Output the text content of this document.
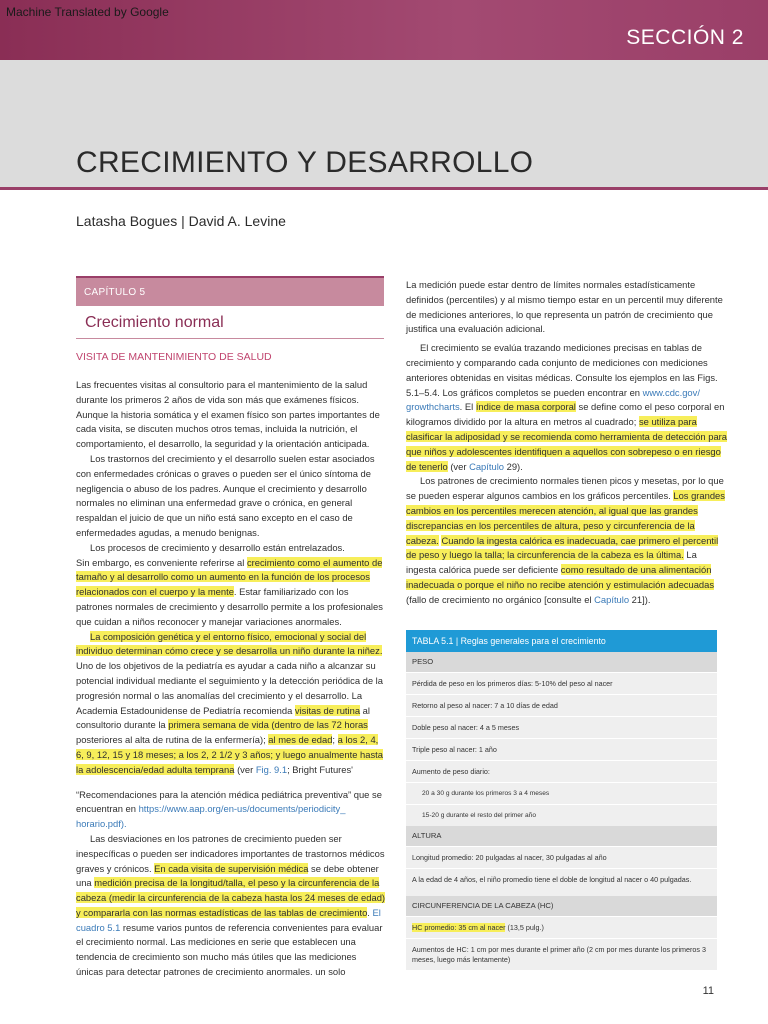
Machine Translated by Google
SECCIÓN 2
CRECIMIENTO Y DESARROLLO
Latasha Bogues | David A. Levine
CAPÍTULO 5
Crecimiento normal
VISITA DE MANTENIMIENTO DE SALUD

Las frecuentes visitas al consultorio para el mantenimiento de la salud durante los primeros 2 años de vida son más que exámenes físicos. Aunque la historia somática y el examen físico son partes importantes de cada visita, se discuten muchos otros temas, incluida la nutrición, el comportamiento, el desarrollo, la seguridad y la orientación anticipada.

Los trastornos del crecimiento y el desarrollo suelen estar asociados con enfermedades crónicas o graves o pueden ser el único síntoma de negligencia o abuso de los padres. Aunque el crecimiento y desarrollo normales no eliminan una enfermedad grave o crónica, en general respaldan el juicio de que un niño está sano excepto en el caso de enfermedades agudas, a menudo benignas.

Los procesos de crecimiento y desarrollo están entrelazados.

Sin embargo, es conveniente referirse al crecimiento como el aumento de tamaño y al desarrollo como un aumento en la función de los procesos relacionados con el cuerpo y la mente. Estar familiarizado con los patrones normales de crecimiento y desarrollo permite a los profesionales que cuidan a niños reconocer y manejar variaciones anormales.

La composición genética y el entorno físico, emocional y social del individuo determinan cómo crece y se desarrolla un niño durante la niñez.

Uno de los objetivos de la pediatría es ayudar a cada niño a alcanzar su potencial individual mediante el seguimiento y la detección periódica de la progresión normal o las anomalías del crecimiento y el desarrollo. La Academia Estadounidense de Pediatría recomienda visitas de rutina al consultorio durante la primera semana de vida (dentro de las 72 horas posteriores al alta de rutina de la enfermería); al mes de edad; a los 2, 4, 6, 9, 12, 15 y 18 meses; a los 2, 2 1/2 y 3 años; y luego anualmente hasta la adolescencia/edad adulta temprana (ver Fig. 9.1; Bright Futures'

“Recomendaciones para la atención médica pediátrica preventiva” que se encuentran en https://www.aap.org/en-us/documents/periodicity_ horario.pdf).

Las desviaciones en los patrones de crecimiento pueden ser inespecíficas o pueden ser indicadores importantes de trastornos médicos graves y crónicos. En cada visita de supervisión médica se debe obtener una medición precisa de la longitud/talla, el peso y la circunferencia de la cabeza (medir la circunferencia de la cabeza hasta los 24 meses de edad) y compararla con las normas estadísticas de las tablas de crecimiento. El cuadro 5.1 resume varios puntos de referencia convenientes para evaluar el crecimiento normal. Las mediciones en serie que establecen una tendencia de crecimiento son mucho más útiles que las mediciones únicas para detectar patrones de crecimiento anormales. un solo

La medición puede estar dentro de límites normales estadísticamente definidos (percentiles) y al mismo tiempo estar en un percentil muy diferente de mediciones anteriores, lo que representa un patrón de crecimiento que justifica una evaluación adicional.

El crecimiento se evalúa trazando mediciones precisas en tablas de crecimiento y comparando cada conjunto de mediciones con mediciones anteriores obtenidas en visitas médicas. Consulte los ejemplos en las Figs. 5.1–5.4. Los gráficos completos se pueden encontrar en www.cdc.gov/ growthcharts. El índice de masa corporal se define como el peso corporal en kilogramos dividido por la altura en metros al cuadrado; se utiliza para clasificar la adiposidad y se recomienda como herramienta de detección para que niños y adolescentes identifiquen a aquellos con sobrepeso o en riesgo de tenerlo (ver Capítulo 29).

Los patrones de crecimiento normales tienen picos y mesetas, por lo que se pueden esperar algunos cambios en los gráficos percentiles. Los grandes cambios en los percentiles merecen atención, al igual que las grandes discrepancias en los percentiles de altura, peso y circunferencia de la cabeza. Cuando la ingesta calórica es inadecuada, cae primero el percentil de peso y luego la talla; la circunferencia de la cabeza es la última. La ingesta calórica puede ser deficiente como resultado de una alimentación inadecuada o porque el niño no recibe atención y estimulación adecuadas (fallo de crecimiento no orgánico [consulte el Capítulo 21]).

TABLA 5.1 | Reglas generales para el crecimiento
PESO
Pérdida de peso en los primeros días: 5-10% del peso al nacer
Retorno al peso al nacer: 7 a 10 días de edad
Doble peso al nacer: 4 a 5 meses
Triple peso al nacer: 1 año
Aumento de peso diario:
20 a 30 g durante los primeros 3 a 4 meses
15-20 g durante el resto del primer año
ALTURA
Longitud promedio: 20 pulgadas al nacer, 30 pulgadas al año
A la edad de 4 años, el niño promedio tiene el doble de longitud al nacer o 40 pulgadas.
CIRCUNFERENCIA DE LA CABEZA (HC)
HC promedio: 35 cm al nacer (13,5 pulg.)
Aumentos de HC: 1 cm por mes durante el primer año (2 cm por mes durante los primeros 3 meses, luego más lentamente)
11
